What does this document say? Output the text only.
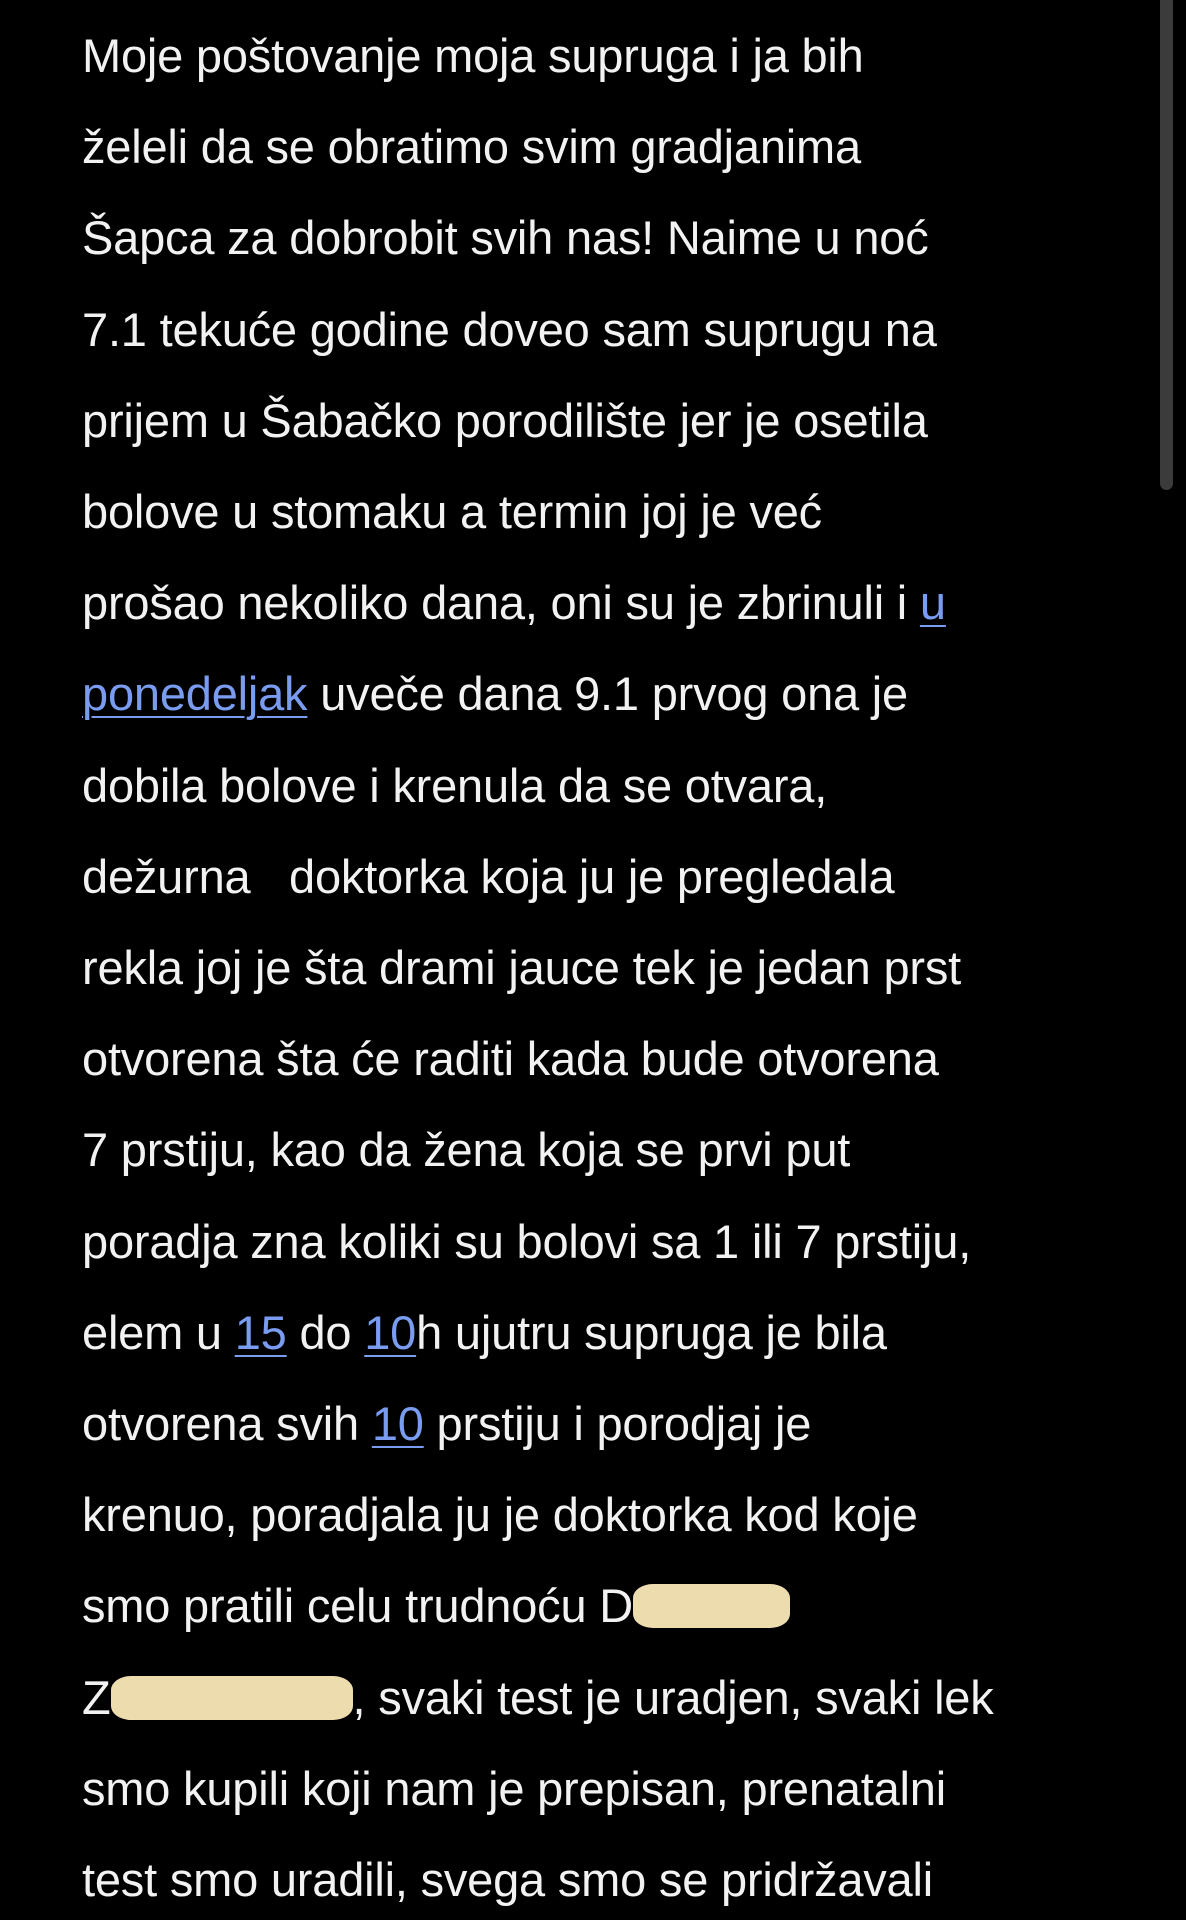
Moje poštovanje moja supruga i ja bih
želeli da se obratimo svim gradjanima
Šapca za dobrobit svih nas! Naime u noć
7.1 tekuće godine doveo sam suprugu na
prijem u Šabačko porodilište jer je osetila
bolove u stomaku a termin joj je već
prošao nekoliko dana, oni su je zbrinuli i u
ponedeljak uveče dana 9.1 prvog ona je
dobila bolove i krenula da se otvara,
dežurna   doktorka koja ju je pregledala
rekla joj je šta drami jauce tek je jedan prst
otvorena šta će raditi kada bude otvorena
7 prstiju, kao da žena koja se prvi put
poradja zna koliki su bolovi sa 1 ili 7 prstiju,
elem u 15 do 10h ujutru supruga je bila
otvorena svih 10 prstiju i porodjaj je
krenuo, poradjala ju je doktorka kod koje
smo pratili celu trudnoću D
Z	, svaki test je uradjen, svaki lek
smo kupili koji nam je prepisan, prenatalni
test smo uradili, svega smo se pridržavali
